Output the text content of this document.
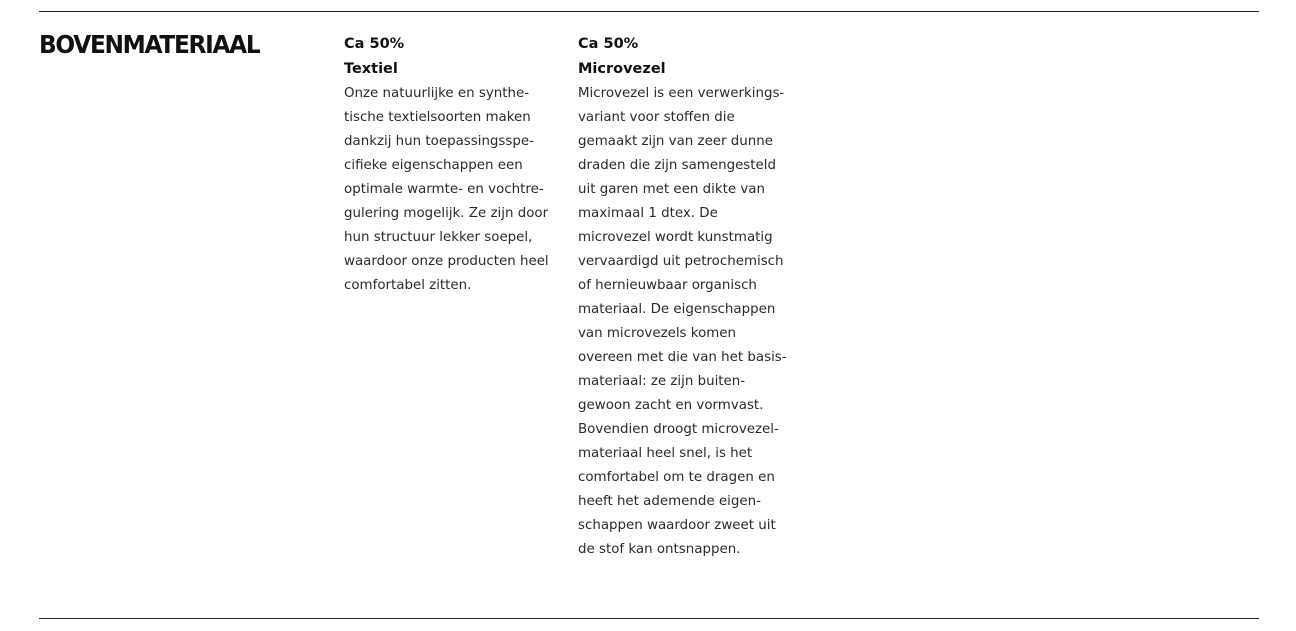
BOVENMATERIAAL	Ca 50%
Textiel

Onze natuurlijke en synthe-
tische textielsoorten maken
dankzij hun toepassingsspe-
cifieke eigenschappen een
optimale warmte- en vochtre-
gulering mogelijk. Ze zijn door
hun structuur lekker soepel,
waardoor onze producten heel
comfortabel zitten.

Ca 50%
Microvezel

Microvezel is een verwerkings-
variant voor stoffen die
gemaakt zijn van zeer dunne
draden die zijn samengesteld
uit garen met een dikte van
maximaal 1 dtex. De
microvezel wordt kunstmatig
vervaardigd uit petrochemisch
of hernieuwbaar organisch
materiaal. De eigenschappen
van microvezels komen
overeen met die van het basis-
materiaal: ze zijn buiten-
gewoon zacht en vormvast.
Bovendien droogt microvezel-
materiaal heel snel, is het
comfortabel om te dragen en
heeft het ademende eigen-
schappen waardoor zweet uit
de stof kan ontsnappen.
